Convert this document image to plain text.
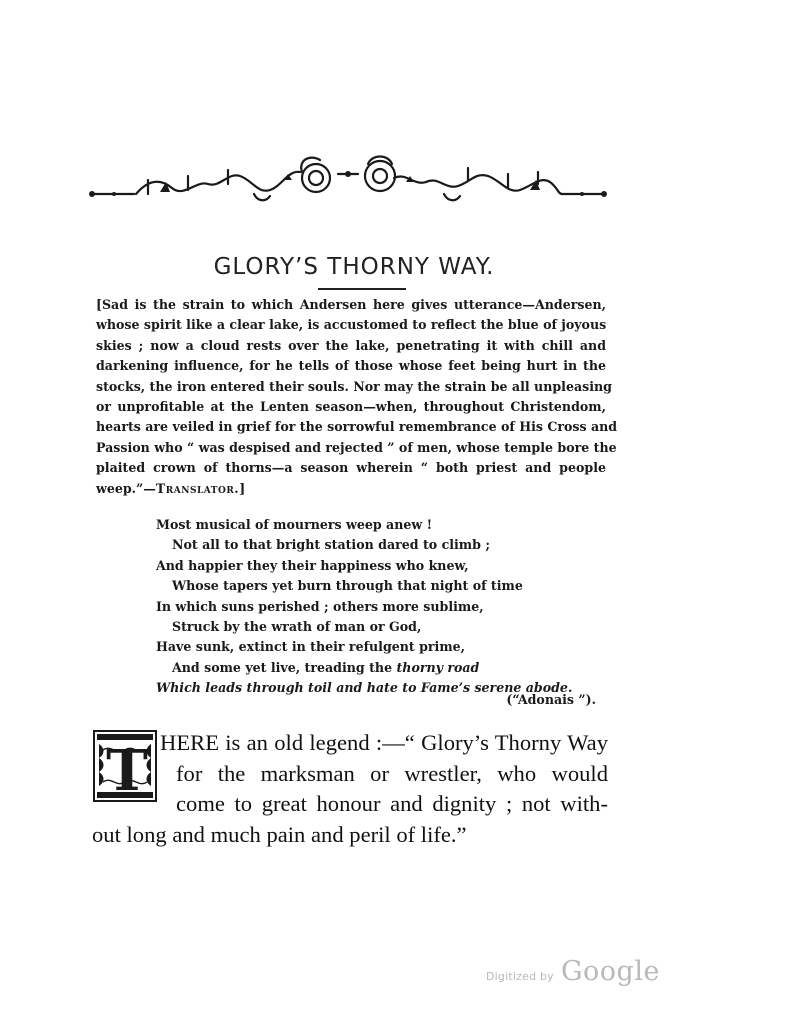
GLORY’S THORNY WAY.
[Sad is the strain to which Andersen here gives utterance—Andersen,
whose spirit like a clear lake, is accustomed to reflect the blue of joyous
skies ; now a cloud rests over the lake, penetrating it with chill and
darkening influence, for he tells of those whose feet being hurt in the
stocks, the iron entered their souls. Nor may the strain be all unpleasing
or unprofitable at the Lenten season—when, throughout Christendom,
hearts are veiled in grief for the sorrowful remembrance of His Cross and
Passion who “ was despised and rejected ” of men, whose temple bore the
plaited crown of thorns—a season wherein “ both priest and people
weep.”—Translator.]
Most musical of mourners weep anew !
Not all to that bright station dared to climb ;
And happier they their happiness who knew,
Whose tapers yet burn through that night of time
In which suns perished ; others more sublime,
Struck by the wrath of man or God,
Have sunk, extinct in their refulgent prime,
And some yet live, treading the thorny road
Which leads through toil and hate to Fame’s serene abode.
(“Adonais ”).
T HERE is an old legend :—“ Glory’s Thorny Way
for the marksman or wrestler, who would
come to great honour and dignity ; not with-
out long and much pain and peril of life.”
Digitized by Google
